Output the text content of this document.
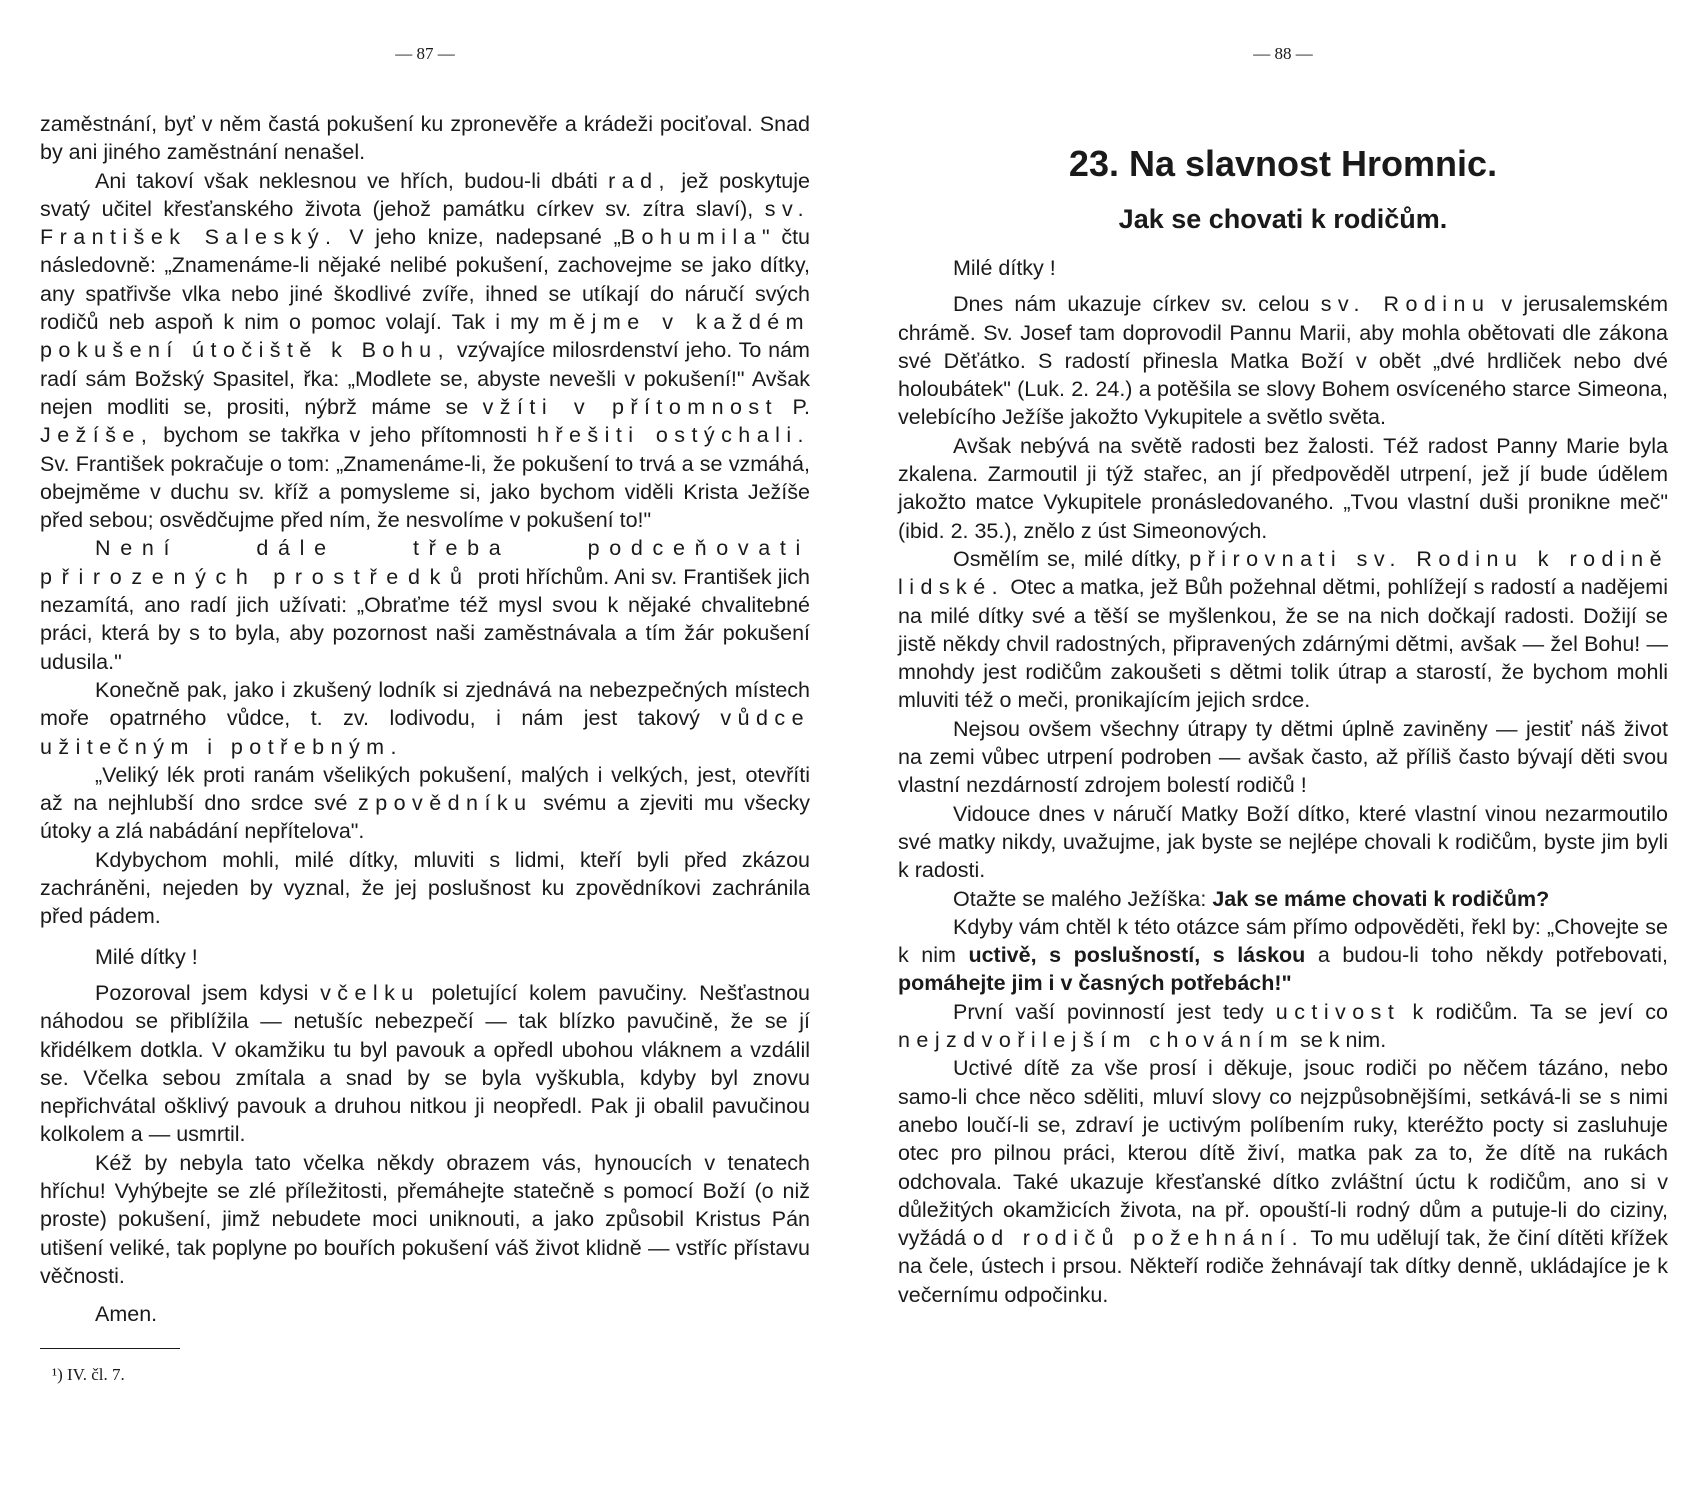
— 87 —

zaměstnání, byť v něm častá pokušení ku zpronevěře a krádeži pociťoval. Snad by ani jiného zaměstnání nenašel.

Ani takoví však neklesnou ve hřích, budou-li dbáti rad, jež poskytuje svatý učitel křesťanského života (jehož památku církev sv. zítra slaví), sv. František Saleský. V jeho knize, nadepsané „Bohumila" čtu následovně: „Znamenáme-li nějaké nelibé pokušení, zachovejme se jako dítky, any spatřivše vlka nebo jiné škodlivé zvíře, ihned se utíkají do náručí svých rodičů neb aspoň k nim o pomoc volají. Tak i my mějme v každém pokušení útočiště k Bohu, vzývajíce milosrdenství jeho. To nám radí sám Božský Spasitel, řka: „Modlete se, abyste nevešli v pokušení!" Avšak nejen modliti se, prositi, nýbrž máme se vžíti v přítomnost P. Ježíše, bychom se takřka v jeho přítomnosti hřešiti ostýchali. Sv. František pokračuje o tom: „Znamenáme-li, že pokušení to trvá a se vzmáhá, obejměme v duchu sv. kříž a pomysleme si, jako bychom viděli Krista Ježíše před sebou; osvědčujme před ním, že nesvolíme v pokušení to!"

Není dále třeba podceňovati přirozených prostředků proti hříchům. Ani sv. František jich nezamítá, ano radí jich užívati: „Obraťme též mysl svou k nějaké chvalitebné práci, která by s to byla, aby pozornost naši zaměstnávala a tím žár pokušení udusila."

Konečně pak, jako i zkušený lodník si zjednává na nebezpečných místech moře opatrného vůdce, t. zv. lodivodu, i nám jest takový vůdce užitečným i potřebným.

„Veliký lék proti ranám všelikých pokušení, malých i velkých, jest, otevříti až na nejhlubší dno srdce své zpovědníku svému a zjeviti mu všecky útoky a zlá nabádání nepřítelova".

Kdybychom mohli, milé dítky, mluviti s lidmi, kteří byli před zkázou zachráněni, nejeden by vyznal, že jej poslušnost ku zpovědníkovi zachránila před pádem.

Milé dítky !

Pozoroval jsem kdysi včelku poletující kolem pavučiny. Nešťastnou náhodou se přiblížila — netušíc nebezpečí — tak blízko pavučině, že se jí křidélkem dotkla. V okamžiku tu byl pavouk a opředl ubohou vláknem a vzdálil se. Včelka sebou zmítala a snad by se byla vyškubla, kdyby byl znovu nepřichvátal ošklivý pavouk a druhou nitkou ji neopředl. Pak ji obalil pavučinou kolkolem a — usmrtil.

Kéž by nebyla tato včelka někdy obrazem vás, hynoucích v tenatech hříchu! Vyhýbejte se zlé příležitosti, přemáhejte statečně s pomocí Boží (o niž proste) pokušení, jimž nebudete moci uniknouti, a jako způsobil Kristus Pán utišení veliké, tak poplyne po bouřích pokušení váš život klidně — vstříc přístavu věčnosti.

Amen.

¹) IV. čl. 7.
— 88 —
23. Na slavnost Hromnic.
Jak se chovati k rodičům.

Milé dítky !

Dnes nám ukazuje církev sv. celou sv. Rodinu v jerusalemském chrámě. Sv. Josef tam doprovodil Pannu Marii, aby mohla obětovati dle zákona své Děťátko. S radostí přinesla Matka Boží v obět „dvé hrdliček nebo dvé holoubátek" (Luk. 2. 24.) a potěšila se slovy Bohem osvíceného starce Simeona, velebícího Ježíše jakožto Vykupitele a světlo světa.

Avšak nebývá na světě radosti bez žalosti. Též radost Panny Marie byla zkalena. Zarmoutil ji týž stařec, an jí předpověděl utrpení, jež jí bude údělem jakožto matce Vykupitele pronásledovaného. „Tvou vlastní duši pronikne meč" (ibid. 2. 35.), znělo z úst Simeonových.

Osmělím se, milé dítky, přirovnati sv. Rodinu k rodině lidské. Otec a matka, jež Bůh požehnal dětmi, pohlížejí s radostí a nadějemi na milé dítky své a těší se myšlenkou, že se na nich dočkají radosti. Dožijí se jistě někdy chvil radostných, připravených zdárnými dětmi, avšak — žel Bohu! — mnohdy jest rodičům zakoušeti s dětmi tolik útrap a starostí, že bychom mohli mluviti též o meči, pronikajícím jejich srdce.

Nejsou ovšem všechny útrapy ty dětmi úplně zaviněny — jestiť náš život na zemi vůbec utrpení podroben — avšak často, až příliš často bývají děti svou vlastní nezdárností zdrojem bolestí rodičů !

Vidouce dnes v náručí Matky Boží dítko, které vlastní vinou nezarmoutilo své matky nikdy, uvažujme, jak byste se nejlépe chovali k rodičům, byste jim byli k radosti.

Otažte se malého Ježíška: Jak se máme chovati k rodičům?

Kdyby vám chtěl k této otázce sám přímo odpověděti, řekl by: „Chovejte se k nim uctivě, s poslušností, s láskou a budou-li toho někdy potřebovati, pomáhejte jim i v časných potřebách!"

První vaší povinností jest tedy uctivost k rodičům. Ta se jeví co nejzdvořilejším chováním se k nim.

Uctivé dítě za vše prosí i děkuje, jsouc rodiči po něčem tázáno, nebo samo-li chce něco sděliti, mluví slovy co nejzpůsobnějšími, setkává-li se s nimi anebo loučí-li se, zdraví je uctivým políbením ruky, kteréžto pocty si zasluhuje otec pro pilnou práci, kterou dítě živí, matka pak za to, že dítě na rukách odchovala. Také ukazuje křesťanské dítko zvláštní úctu k rodičům, ano si v důležitých okamžicích života, na př. opouští-li rodný dům a putuje-li do ciziny, vyžádá od rodičů požehnání. To mu udělují tak, že činí dítěti křížek na čele, ústech i prsou. Někteří rodiče žehnávají tak dítky denně, ukládajíce je k večernímu odpočinku.
